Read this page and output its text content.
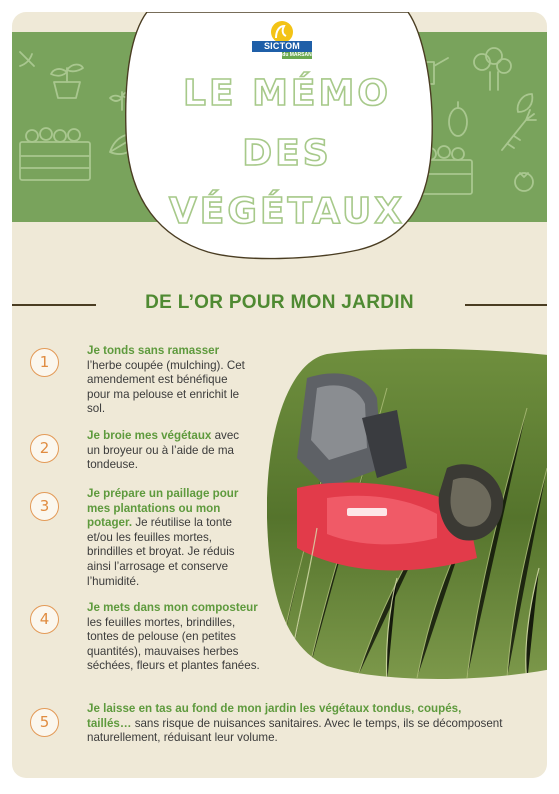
SICTOM
du MARSAN
LE MÉMO
DES
VÉGÉTAUX
DE L’OR POUR MON JARDIN
1
Je tonds sans ramasser l’herbe coupée (mulching). Cet amendement est bénéfique pour ma pelouse et enrichit le sol.
2
Je broie mes végétaux avec un broyeur ou à l’aide de ma tondeuse.
3
Je prépare un paillage pour mes plantations ou mon potager. Je réutilise la tonte et/ou les feuilles mortes, brindilles et broyat. Je réduis ainsi l’arrosage et conserve l’humidité.
4
Je mets dans mon composteur les feuilles mortes, brindilles, tontes de pelouse (en petites quantités), mauvaises herbes séchées, fleurs et plantes fanées.
5
Je laisse en tas au fond de mon jardin les végétaux tondus, coupés, taillés… sans risque de nuisances sanitaires. Avec le temps, ils se décomposent naturellement, réduisant leur volume.
